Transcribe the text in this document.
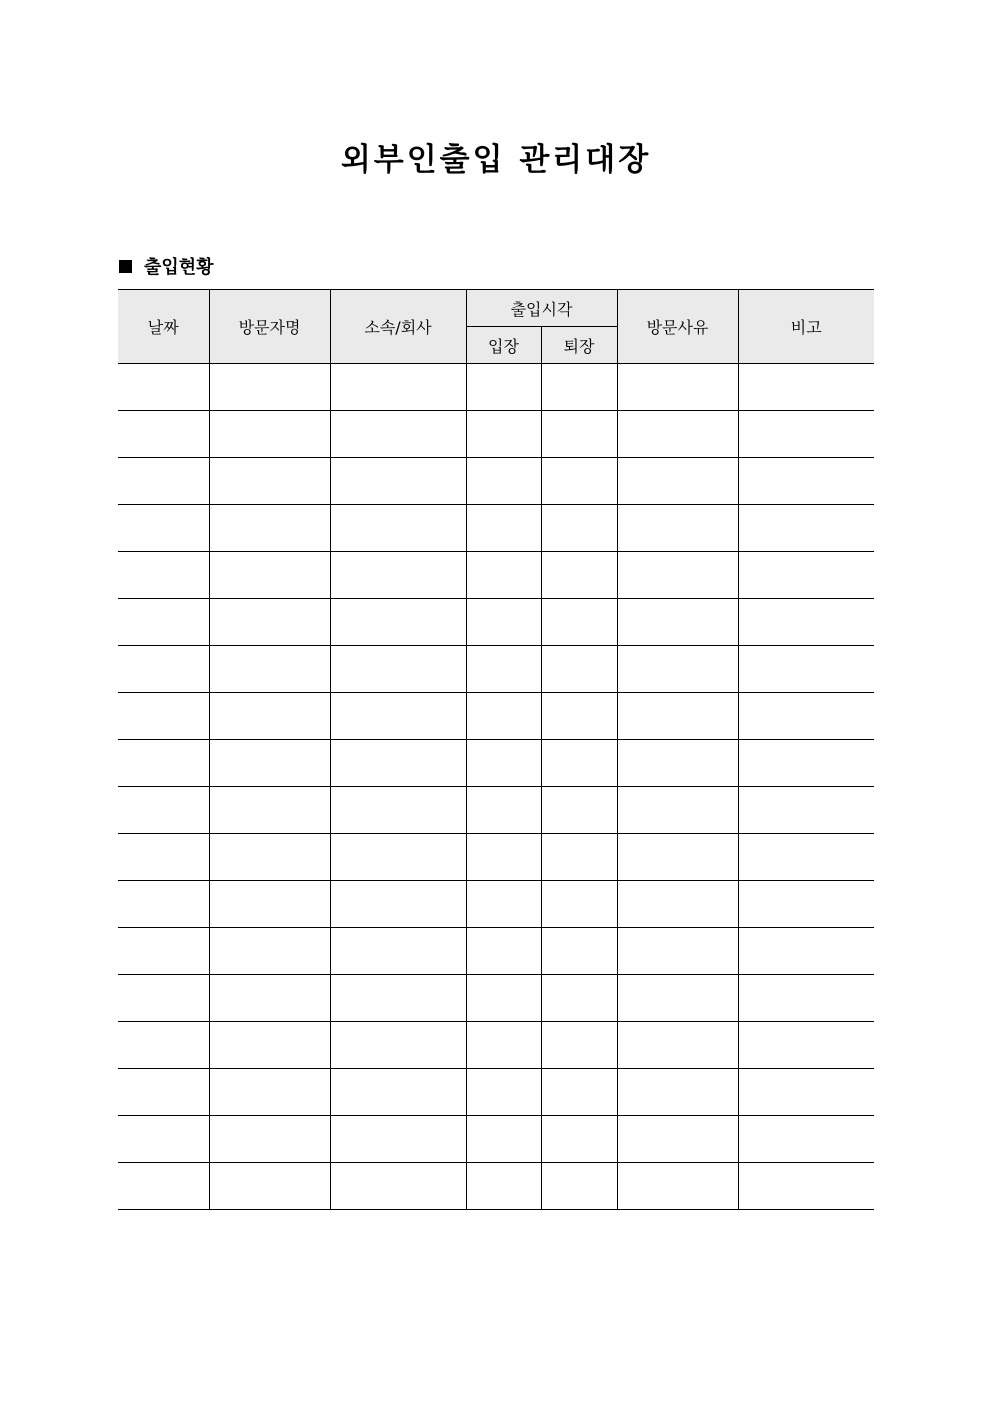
외부인출입 관리대장
출입현황
날짜	방문자명	소속/회사	출입시각		방문사유	비고
			입장	퇴장		
